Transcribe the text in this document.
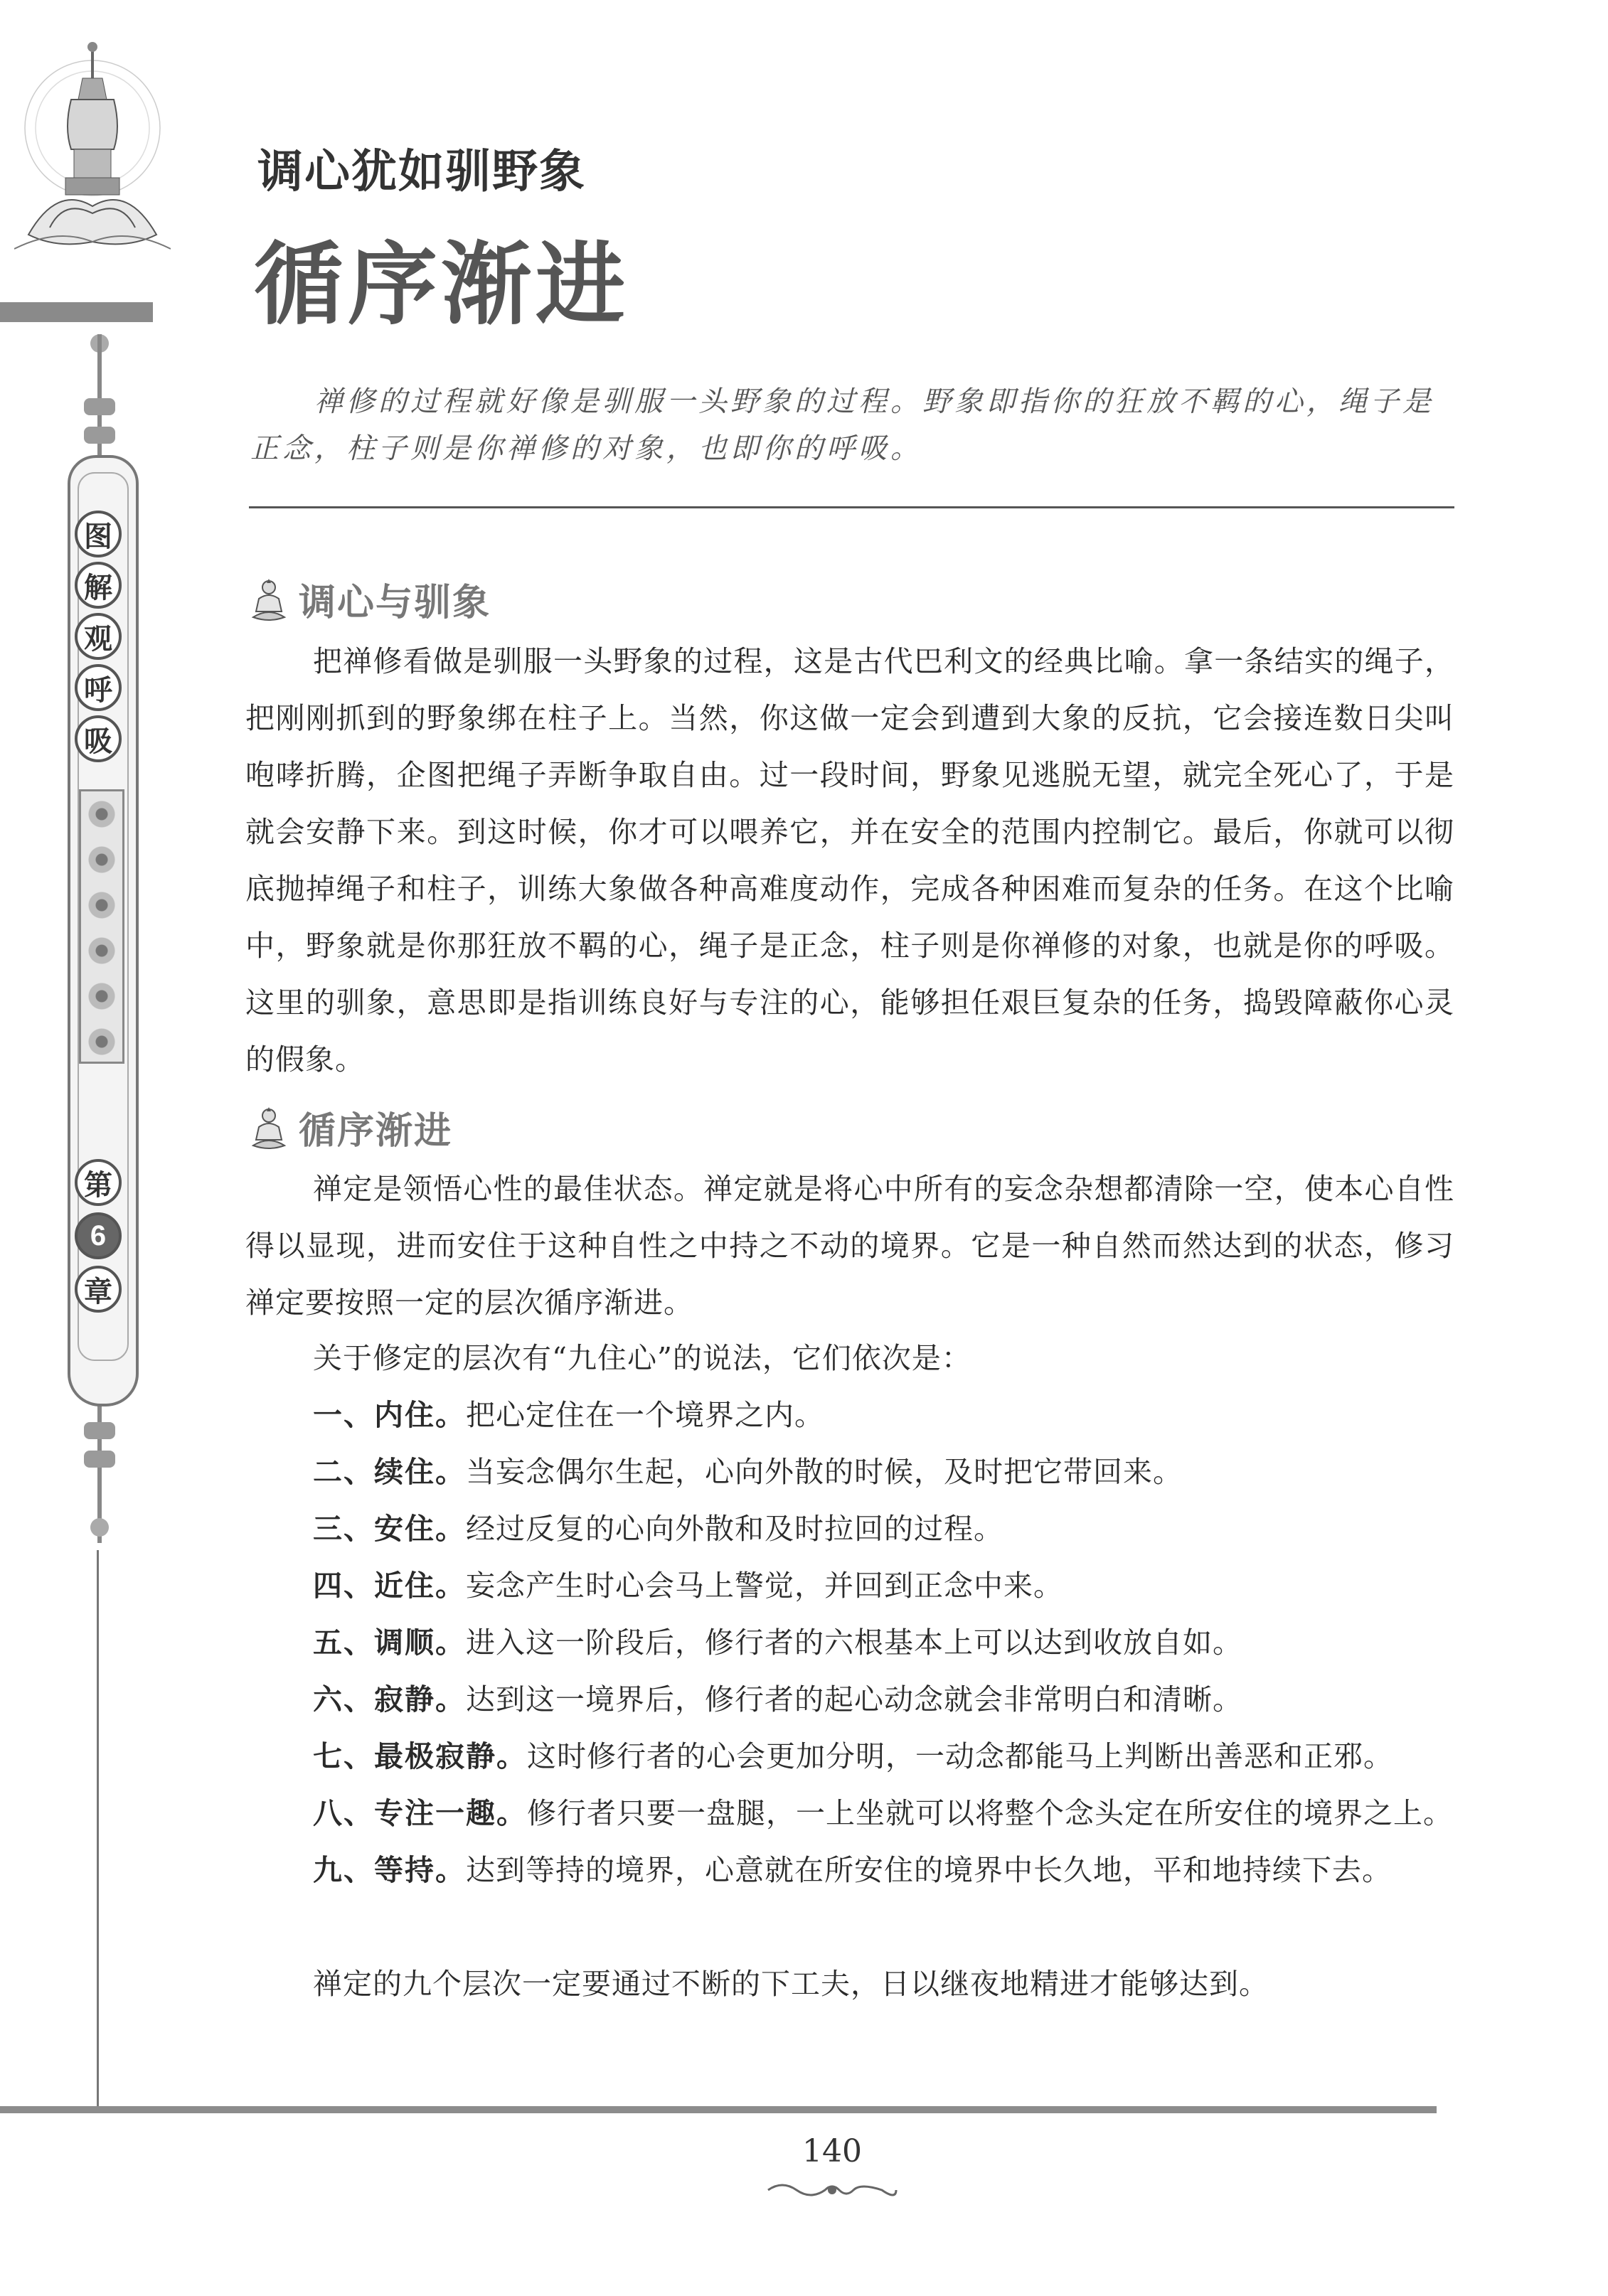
图
解
观
呼
吸
第
6
章
调心犹如驯野象
循序渐进
禅修的过程就好像是驯服一头野象的过程。野象即指你的狂放不羁的心，绳子是正念，柱子则是你禅修的对象，也即你的呼吸。
调心与驯象

把禅修看做是驯服一头野象的过程，这是古代巴利文的经典比喻。拿一条结实的绳子，把刚刚抓到的野象绑在柱子上。当然，你这做一定会到遭到大象的反抗，它会接连数日尖叫咆哮折腾，企图把绳子弄断争取自由。过一段时间，野象见逃脱无望，就完全死心了，于是就会安静下来。到这时候，你才可以喂养它，并在安全的范围内控制它。最后，你就可以彻底抛掉绳子和柱子，训练大象做各种高难度动作，完成各种困难而复杂的任务。在这个比喻中，野象就是你那狂放不羁的心，绳子是正念，柱子则是你禅修的对象，也就是你的呼吸。这里的驯象，意思即是指训练良好与专注的心，能够担任艰巨复杂的任务，捣毁障蔽你心灵的假象。

循序渐进

禅定是领悟心性的最佳状态。禅定就是将心中所有的妄念杂想都清除一空，使本心自性得以显现，进而安住于这种自性之中持之不动的境界。它是一种自然而然达到的状态，修习禅定要按照一定的层次循序渐进。

关于修定的层次有“九住心”的说法，它们依次是：

一、内住。把心定住在一个境界之内。
二、续住。当妄念偶尔生起，心向外散的时候，及时把它带回来。
三、安住。经过反复的心向外散和及时拉回的过程。
四、近住。妄念产生时心会马上警觉，并回到正念中来。
五、调顺。进入这一阶段后，修行者的六根基本上可以达到收放自如。
六、寂静。达到这一境界后，修行者的起心动念就会非常明白和清晰。
七、最极寂静。这时修行者的心会更加分明，一动念都能马上判断出善恶和正邪。
八、专注一趣。修行者只要一盘腿，一上坐就可以将整个念头定在所安住的境界之上。
九、等持。达到等持的境界，心意就在所安住的境界中长久地，平和地持续下去。

禅定的九个层次一定要通过不断的下工夫，日以继夜地精进才能够达到。

140
